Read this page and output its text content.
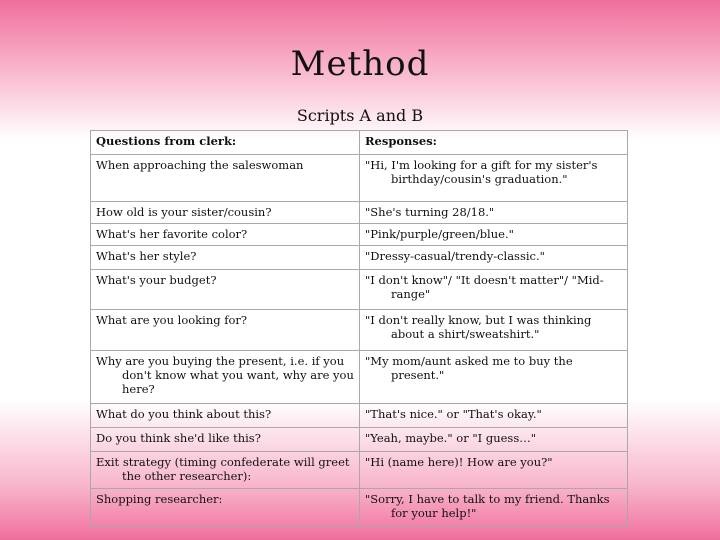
Method
Scripts A and B
Questions from clerk:	Responses:

When approaching the saleswoman	"Hi, I'm looking for a gift for my sister's birthday/cousin's graduation."

How old is your sister/cousin?	"She's turning 28/18."

What's her favorite color?	"Pink/purple/green/blue."

What's her style?	"Dressy-casual/trendy-classic."

What's your budget?	"I don't know"/ "It doesn't matter"/ "Mid-range"

What are you looking for?	"I don't really know, but I was thinking about a shirt/sweatshirt."

Why are you buying the present, i.e. if you don't know what you want, why are you here?	"My mom/aunt asked me to buy the present."

What do you think about this?	"That's nice." or "That's okay."

Do you think she'd like this?	"Yeah, maybe." or "I guess…"

Exit strategy (timing confederate will greet the other researcher):	"Hi (name here)! How are you?"

Shopping researcher:	"Sorry, I have to talk to my friend. Thanks for your help!"
